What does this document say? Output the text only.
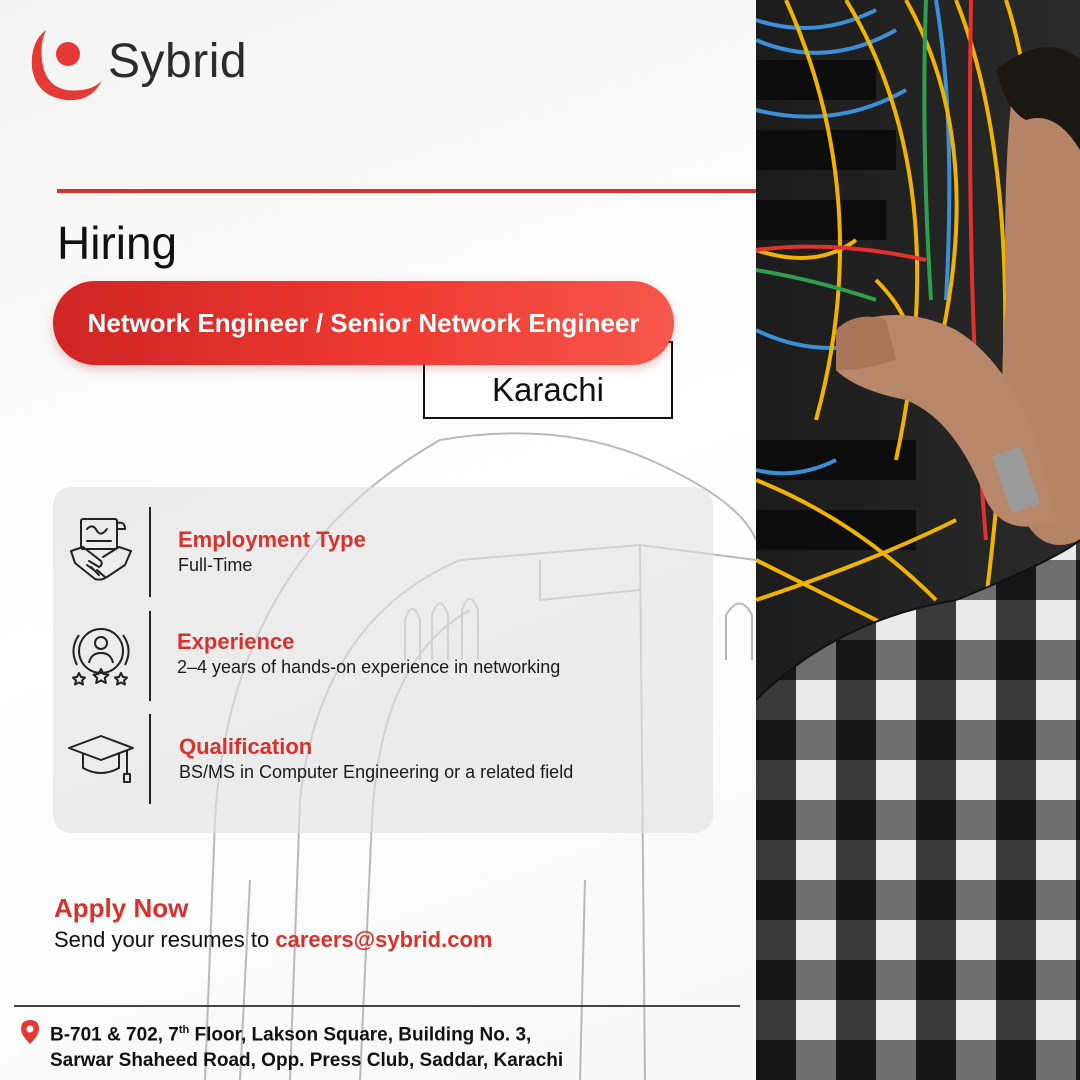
Sybrid
Hiring
Network Engineer / Senior Network Engineer
Karachi
Employment Type
Full-Time
Experience
2–4 years of hands-on experience in networking
Qualification
BS/MS in Computer Engineering or a related field
Apply Now
Send your resumes to careers@sybrid.com
B-701 & 702, 7th Floor, Lakson Square, Building No. 3,
Sarwar Shaheed Road, Opp. Press Club, Saddar, Karachi
